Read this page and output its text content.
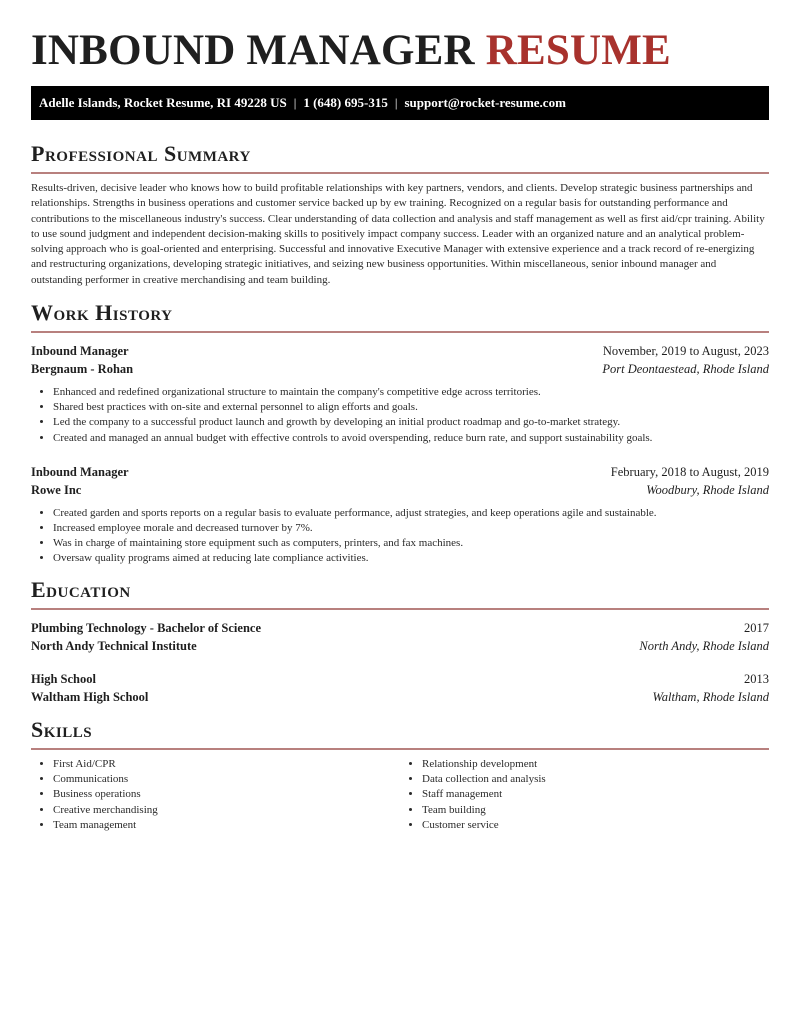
INBOUND MANAGER RESUME
Adelle Islands, Rocket Resume, RI 49228 US | 1 (648) 695-315 | support@rocket-resume.com
Professional Summary

Results-driven, decisive leader who knows how to build profitable relationships with key partners, vendors, and clients. Develop strategic business partnerships and relationships. Strengths in business operations and customer service backed up by ew training. Recognized on a regular basis for outstanding performance and contributions to the miscellaneous industry's success. Clear understanding of data collection and analysis and staff management as well as first aid/cpr training. Ability to use sound judgment and independent decision-making skills to positively impact company success. Leader with an organized nature and an analytical problem-solving approach who is goal-oriented and enterprising. Successful and innovative Executive Manager with extensive experience and a track record of re-energizing and restructuring organizations, developing strategic initiatives, and seizing new business opportunities. Within miscellaneous, senior inbound manager and outstanding performer in creative merchandising and team building.

Work History
Inbound Manager	November, 2019 to August, 2023
Bergnaum - Rohan	Port Deontaestead, Rhode Island
• Enhanced and redefined organizational structure to maintain the company's competitive edge across territories.
• Shared best practices with on-site and external personnel to align efforts and goals.
• Led the company to a successful product launch and growth by developing an initial product roadmap and go-to-market strategy.
• Created and managed an annual budget with effective controls to avoid overspending, reduce burn rate, and support sustainability goals.
Inbound Manager	February, 2018 to August, 2019
Rowe Inc	Woodbury, Rhode Island
• Created garden and sports reports on a regular basis to evaluate performance, adjust strategies, and keep operations agile and sustainable.
• Increased employee morale and decreased turnover by 7%.
• Was in charge of maintaining store equipment such as computers, printers, and fax machines.
• Oversaw quality programs aimed at reducing late compliance activities.
Education
Plumbing Technology - Bachelor of Science	2017
North Andy Technical Institute	North Andy, Rhode Island
High School	2013
Waltham High School	Waltham, Rhode Island
Skills
• First Aid/CPR
• Communications
• Business operations
• Creative merchandising
• Team management
• Relationship development
• Data collection and analysis
• Staff management
• Team building
• Customer service
